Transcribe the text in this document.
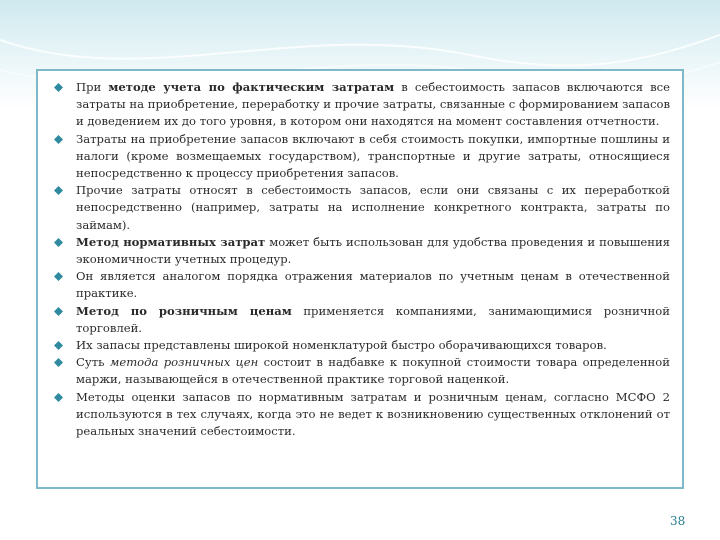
При методе учета по фактическим затратам в себестоимость запасов включаются все затраты на приобретение, переработку и прочие затраты, связанные с формированием запасов и доведением их до того уровня, в котором они находятся на момент составления отчетности.
Затраты на приобретение запасов включают в себя стоимость покупки, импортные пошлины и налоги (кроме возмещаемых государством), транспортные и другие затраты, относящиеся непосредственно к процессу приобретения запасов.
Прочие затраты относят в себестоимость запасов, если они связаны с их переработкой непосредственно (например, затраты на исполнение конкретного контракта, затраты по займам).
Метод нормативных затрат может быть использован для удобства проведения и повышения экономичности учетных процедур.
Он является аналогом порядка отражения материалов по учетным ценам в отечественной практике.
Метод по розничным ценам применяется компаниями, занимающимися розничной торговлей.
Их запасы представлены широкой номенклатурой быстро оборачивающихся товаров.
Суть метода розничных цен состоит в надбавке к покупной стоимости товара определенной маржи, называющейся в отечественной практике торговой наценкой.
Методы оценки запасов по нормативным затратам и розничным ценам, согласно МСФО 2 используются в тех случаях, когда это не ведет к возникновению существенных отклонений от реальных значений себестоимости.
38
